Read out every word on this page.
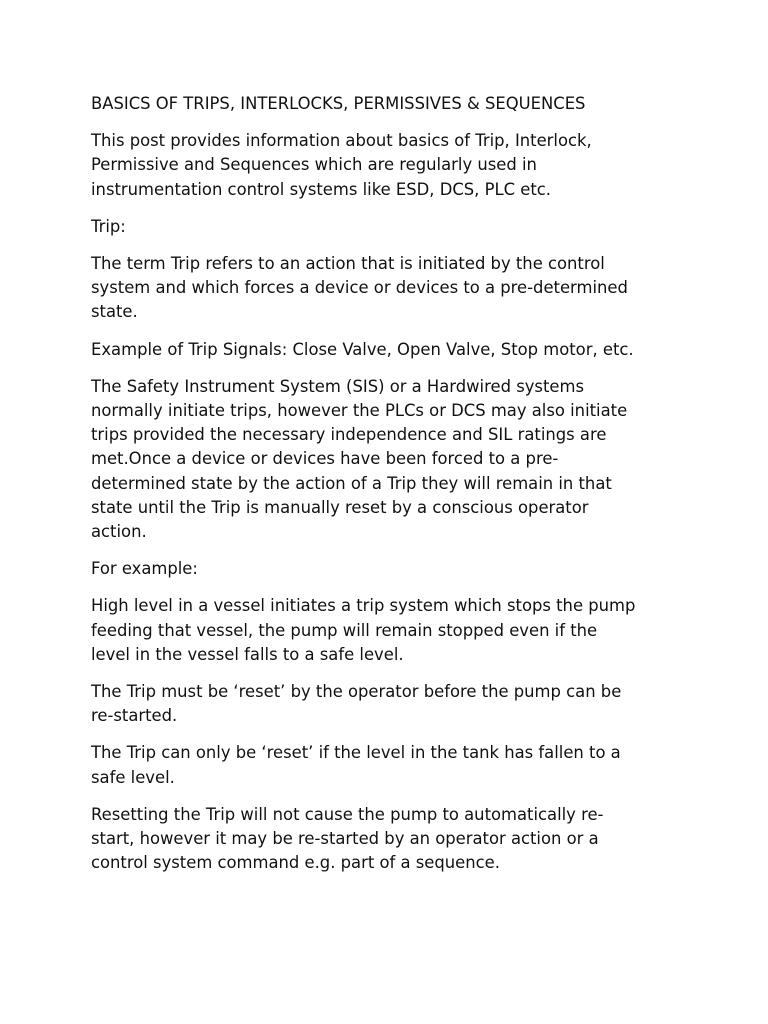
BASICS OF TRIPS, INTERLOCKS, PERMISSIVES & SEQUENCES

This post provides information about basics of Trip, Interlock,
Permissive and Sequences which are regularly used in
instrumentation control systems like ESD, DCS, PLC etc.

Trip:

The term Trip refers to an action that is initiated by the control
system and which forces a device or devices to a pre-determined
state.

Example of Trip Signals: Close Valve, Open Valve, Stop motor, etc.

The Safety Instrument System (SIS) or a Hardwired systems
normally initiate trips, however the PLCs or DCS may also initiate
trips provided the necessary independence and SIL ratings are
met.Once a device or devices have been forced to a pre-
determined state by the action of a Trip they will remain in that
state until the Trip is manually reset by a conscious operator
action.

For example:

High level in a vessel initiates a trip system which stops the pump
feeding that vessel, the pump will remain stopped even if the
level in the vessel falls to a safe level.

The Trip must be ‘reset’ by the operator before the pump can be
re-started.

The Trip can only be ‘reset’ if the level in the tank has fallen to a
safe level.

Resetting the Trip will not cause the pump to automatically re-
start, however it may be re-started by an operator action or a
control system command e.g. part of a sequence.
